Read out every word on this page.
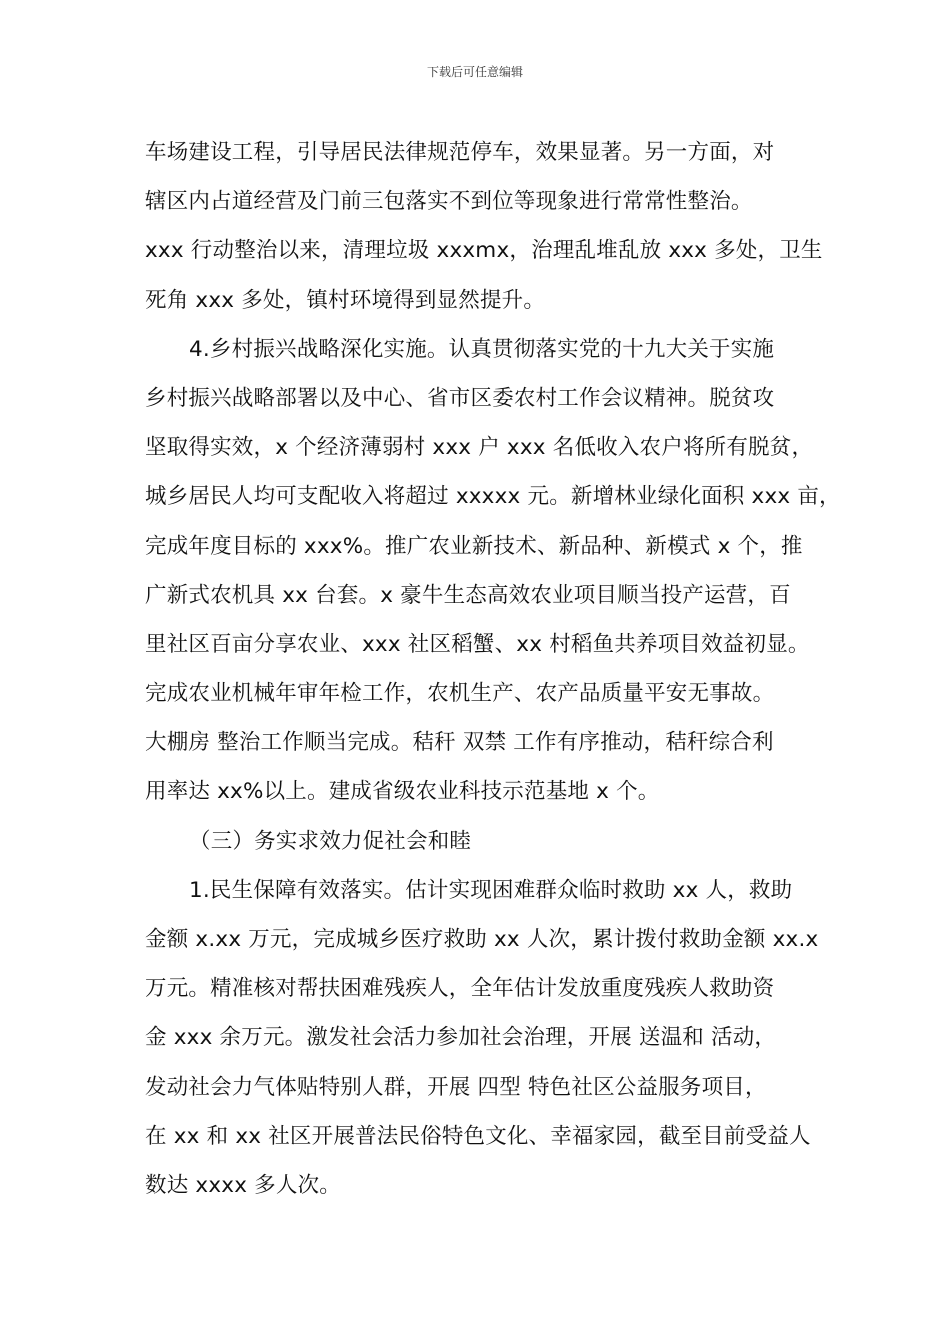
下载后可任意编辑
车场建设工程，引导居民法律规范停车，效果显著。另一方面，对
辖区内占道经营及门前三包落实不到位等现象进行常常性整治。
xxx 行动整治以来，清理垃圾 xxxmx，治理乱堆乱放 xxx 多处，卫生
死角 xxx 多处，镇村环境得到显然提升。
4.乡村振兴战略深化实施。认真贯彻落实党的十九大关于实施
乡村振兴战略部署以及中心、省市区委农村工作会议精神。脱贫攻
坚取得实效，x 个经济薄弱村 xxx 户 xxx 名低收入农户将所有脱贫，
城乡居民人均可支配收入将超过 xxxxx 元。新增林业绿化面积 xxx 亩，
完成年度目标的 xxx%。推广农业新技术、新品种、新模式 x 个，推
广新式农机具 xx 台套。x 豪牛生态高效农业项目顺当投产运营，百
里社区百亩分享农业、xxx 社区稻蟹、xx 村稻鱼共养项目效益初显。
完成农业机械年审年检工作，农机生产、农产品质量平安无事故。
大棚房 整治工作顺当完成。秸秆 双禁 工作有序推动，秸秆综合利
用率达 xx%以上。建成省级农业科技示范基地 x 个。
（三）务实求效力促社会和睦
1.民生保障有效落实。估计实现困难群众临时救助 xx 人，救助
金额 x.xx 万元，完成城乡医疗救助 xx 人次，累计拨付救助金额 xx.x
万元。精准核对帮扶困难残疾人，全年估计发放重度残疾人救助资
金 xxx 余万元。激发社会活力参加社会治理，开展 送温和 活动，
发动社会力气体贴特别人群，开展 四型 特色社区公益服务项目，
在 xx 和 xx 社区开展普法民俗特色文化、幸福家园，截至目前受益人
数达 xxxx 多人次。
